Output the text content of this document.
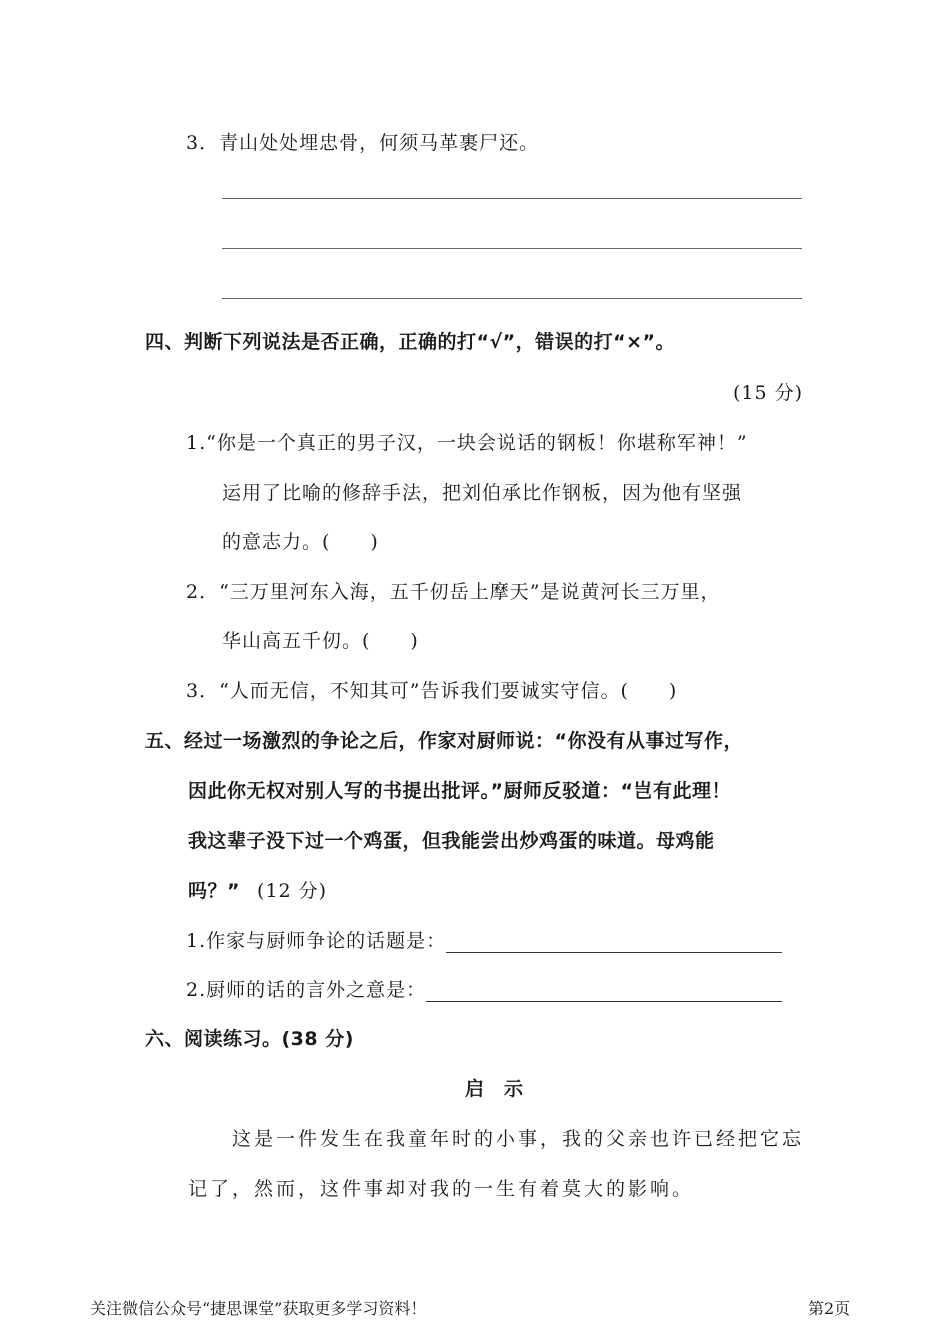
3．青山处处埋忠骨，何须马革裹尸还。
四、判断下列说法是否正确，正确的打“√”，错误的打“×”。
(15 分)
1.“你是一个真正的男子汉，一块会说话的钢板！你堪称军神！”
运用了比喻的修辞手法，把刘伯承比作钢板，因为他有坚强
的意志力。(　　)
2．“三万里河东入海，五千仞岳上摩天”是说黄河长三万里，
华山高五千仞。(　　)
3．“人而无信，不知其可”告诉我们要诚实守信。(　　)
五、经过一场激烈的争论之后，作家对厨师说：“你没有从事过写作，
因此你无权对别人写的书提出批评。”厨师反驳道：“岂有此理！
我这辈子没下过一个鸡蛋，但我能尝出炒鸡蛋的味道。母鸡能
吗？” (12 分)
1.作家与厨师争论的话题是：
2.厨师的话的言外之意是：
六、阅读练习。(38 分)
启　示
这是一件发生在我童年时的小事，我的父亲也许已经把它忘
记了，然而，这件事却对我的一生有着莫大的影响。
关注微信公众号“捷思课堂”获取更多学习资料！	第2页
